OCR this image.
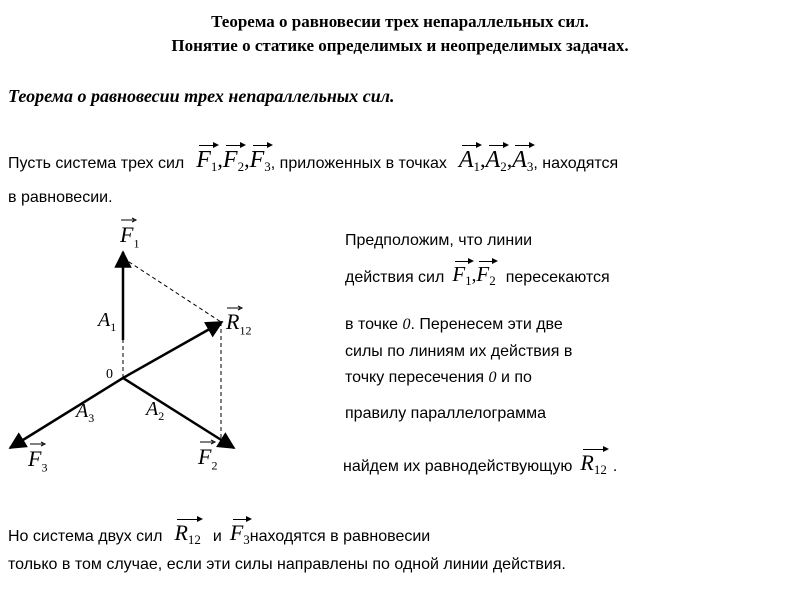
Теорема о равновесии трех непараллельных сил.
Понятие о статике определимых и неопределимых задачах.
Теорема о равновесии трех непараллельных сил.
Пусть система трех сил $F_1$ , $F_2$ , $F_3$ , приложенных в точках $A_1$ , $A_2$ , $A_3$ , находятся
в равновесии.
$F_1$
$R_{12}$
$A_1$
0
$A_3$	$A_2$
$F_3$	$F_2$
Предположим, что линии
действия сил $F_1$ , $F_2$ пересекаются
в точке 0. Перенесем эти две
силы по линиям их действия в
точку пересечения 0 и по
правилу параллелограмма
найдем их равнодействующую $R_{12}$ .
Но система двух сил $R_{12}$ и $F_3$ находятся в равновесии
только в том случае, если эти силы направлены по одной линии действия.
